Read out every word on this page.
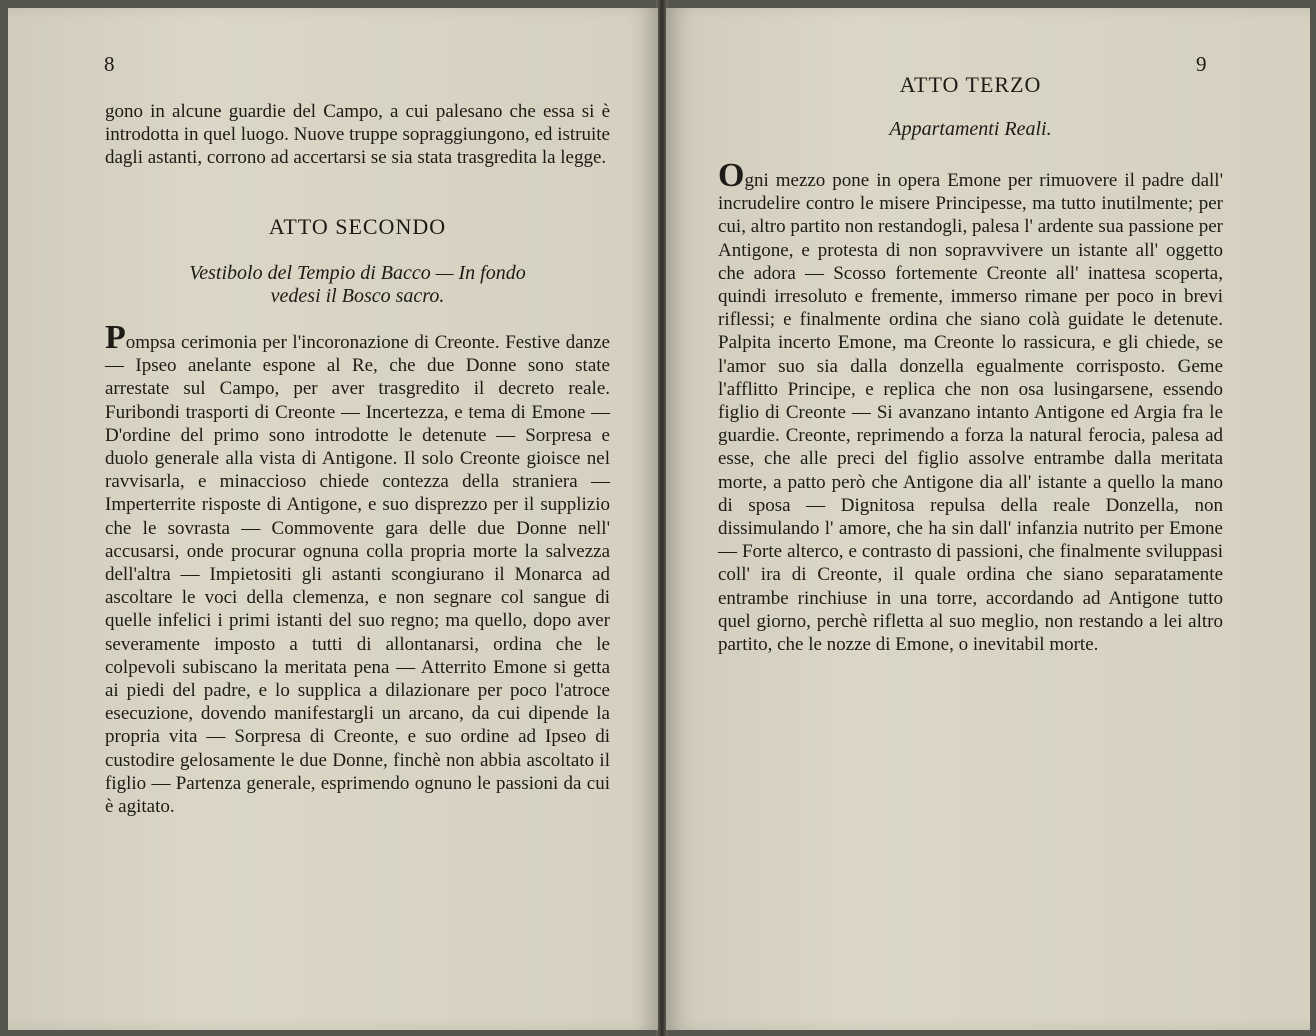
8
gono in alcune guardie del Campo, a cui palesano che essa si è introdotta in quel luogo. Nuove truppe sopraggiungono, ed istruite dagli astanti, corrono ad accertarsi se sia stata trasgredita la legge.
ATTO SECONDO
Vestibolo del Tempio di Bacco — In fondo
vedesi il Bosco sacro.

Pompsa cerimonia per l'incoronazione di Creonte. Festive danze — Ipseo anelante espone al Re, che due Donne sono state arrestate sul Campo, per aver trasgredito il decreto reale. Furibondi trasporti di Creonte — Incertezza, e tema di Emone — D'ordine del primo sono introdotte le detenute — Sorpresa e duolo generale alla vista di Antigone. Il solo Creonte gioisce nel ravvisarla, e minaccioso chiede contezza della straniera — Imperterrite risposte di Antigone, e suo disprezzo per il supplizio che le sovrasta — Commovente gara delle due Donne nell' accusarsi, onde procurar ognuna colla propria morte la salvezza dell'altra — Impietositi gli astanti scongiurano il Monarca ad ascoltare le voci della clemenza, e non segnare col sangue di quelle infelici i primi istanti del suo regno; ma quello, dopo aver severamente imposto a tutti di allontanarsi, ordina che le colpevoli subiscano la meritata pena — Atterrito Emone si getta ai piedi del padre, e lo supplica a dilazionare per poco l'atroce esecuzione, dovendo manifestargli un arcano, da cui dipende la propria vita — Sorpresa di Creonte, e suo ordine ad Ipseo di custodire gelosamente le due Donne, finchè non abbia ascoltato il figlio — Partenza generale, esprimendo ognuno le passioni da cui è agitato.

9
ATTO TERZO
Appartamenti Reali.

Ogni mezzo pone in opera Emone per rimuovere il padre dall' incrudelire contro le misere Principesse, ma tutto inutilmente; per cui, altro partito non restandogli, palesa l' ardente sua passione per Antigone, e protesta di non sopravvivere un istante all' oggetto che adora — Scosso fortemente Creonte all' inattesa scoperta, quindi irresoluto e fremente, immerso rimane per poco in brevi riflessi; e finalmente ordina che siano colà guidate le detenute. Palpita incerto Emone, ma Creonte lo rassicura, e gli chiede, se l'amor suo sia dalla donzella egualmente corrisposto. Geme l'afflitto Principe, e replica che non osa lusingarsene, essendo figlio di Creonte — Si avanzano intanto Antigone ed Argia fra le guardie. Creonte, reprimendo a forza la natural ferocia, palesa ad esse, che alle preci del figlio assolve entrambe dalla meritata morte, a patto però che Antigone dia all' istante a quello la mano di sposa — Dignitosa repulsa della reale Donzella, non dissimulando l' amore, che ha sin dall' infanzia nutrito per Emone — Forte alterco, e contrasto di passioni, che finalmente sviluppasi coll' ira di Creonte, il quale ordina che siano separatamente entrambe rinchiuse in una torre, accordando ad Antigone tutto quel giorno, perchè rifletta al suo meglio, non restando a lei altro partito, che le nozze di Emone, o inevitabil morte.
